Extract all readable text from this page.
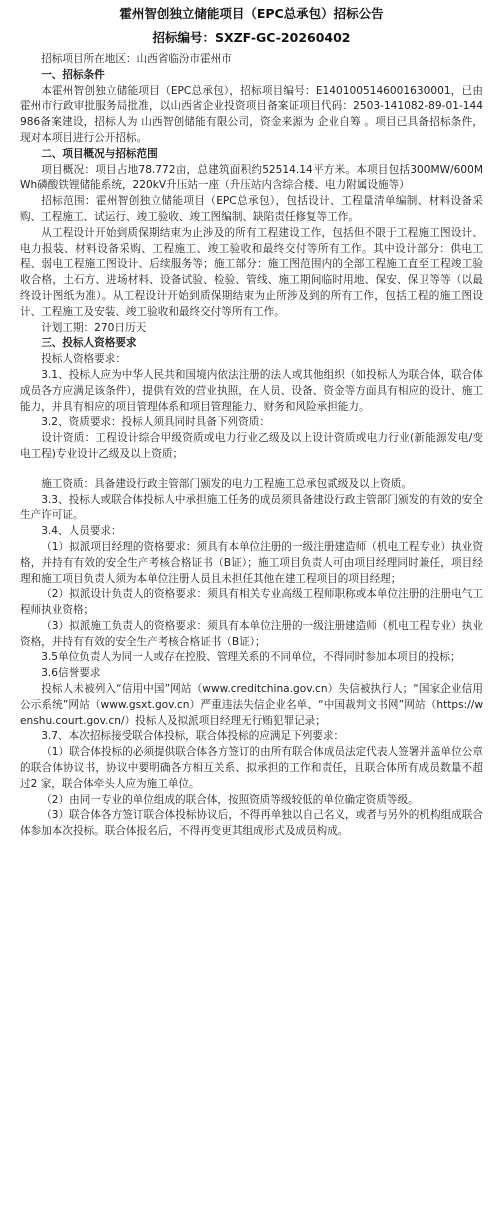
霍州智创独立储能项目（EPC总承包）招标公告
招标编号：SXZF-GC-20260402

招标项目所在地区：山西省临汾市霍州市

一、招标条件

本霍州智创独立储能项目（EPC总承包），招标项目编号：E1401005146001630001，已由霍州市行政审批服务局批准，以山西省企业投资项目备案证项目代码：2503-141082-89-01-144986备案建设，招标人为 山西智创储能有限公司，资金来源为 企业自筹 。项目已具备招标条件，现对本项目进行公开招标。

二、项目概况与招标范围

项目概况：项目占地78.772亩，总建筑面积约52514.14平方米。本项目包括300MW/600MWh磷酸铁锂储能系统，220kV升压站一座（升压站内含综合楼、电力附属设施等）

招标范围：霍州智创独立储能项目（EPC总承包），包括设计、工程量清单编制、材料设备采购、工程施工、试运行、竣工验收、竣工图编制、缺陷责任修复等工作。

从工程设计开始到质保期结束为止涉及的所有工程建设工作，包括但不限于工程施工图设计、电力报装、材料设备采购、工程施工、竣工验收和最终交付等所有工作。其中设计部分：供电工程、弱电工程施工图设计、后续服务等；施工部分：施工图范围内的全部工程施工直至工程竣工验收合格，土石方、进场材料、设备试验、检验、管线、施工期间临时用地、保安、保卫等等（以最终设计图纸为准）。从工程设计开始到质保期结束为止所涉及到的所有工作，包括工程的施工图设计、工程施工及安装、竣工验收和最终交付等所有工作。

计划工期：270日历天

三、投标人资格要求

投标人资格要求：

3.1、投标人应为中华人民共和国境内依法注册的法人或其他组织（如投标人为联合体，联合体成员各方应满足该条件），提供有效的营业执照，在人员、设备、资金等方面具有相应的设计、施工能力，并具有相应的项目管理体系和项目管理能力、财务和风险承担能力。

3.2、资质要求：投标人须具同时具备下列资质：

设计资质：工程设计综合甲级资质或电力行业乙级及以上设计资质或电力行业(新能源发电/变电工程)专业设计乙级及以上资质；

施工资质：具备建设行政主管部门颁发的电力工程施工总承包贰级及以上资质。

3.3、投标人或联合体投标人中承担施工任务的成员须具备建设行政主管部门颁发的有效的安全生产许可证。

3.4、人员要求：

（1）拟派项目经理的资格要求：须具有本单位注册的一级注册建造师（机电工程专业）执业资格，并持有有效的安全生产考核合格证书（B证）；施工项目负责人可由项目经理同时兼任，项目经理和施工项目负责人须为本单位注册人员且未担任其他在建工程项目的项目经理；

（2）拟派设计负责人的资格要求：须具有相关专业高级工程师职称或本单位注册的注册电气工程师执业资格；

（3）拟派施工负责人的资格要求：须具有本单位注册的一级注册建造师（机电工程专业）执业资格，并持有有效的安全生产考核合格证书（B证）；

3.5单位负责人为同一人或存在控股、管理关系的不同单位，不得同时参加本项目的投标；

3.6信誉要求

投标人未被列入“信用中国”网站（www.creditchina.gov.cn）失信被执行人；“国家企业信用公示系统”网站（www.gsxt.gov.cn）严重违法失信企业名单、“中国裁判文书网”网站（https://wenshu.court.gov.cn/）投标人及拟派项目经理无行贿犯罪记录；

3.7、本次招标接受联合体投标，联合体投标的应满足下列要求：

（1）联合体投标的必须提供联合体各方签订的由所有联合体成员法定代表人签署并盖单位公章的联合体协议书，协议中要明确各方相互关系、拟承担的工作和责任，且联合体所有成员数量不超过2 家，联合体牵头人应为施工单位。

（2）由同一专业的单位组成的联合体，按照资质等级较低的单位确定资质等级。

（3）联合体各方签订联合体投标协议后，不得再单独以自己名义，或者与另外的机构组成联合体参加本次投标。联合体报名后，不得再变更其组成形式及成员构成。
